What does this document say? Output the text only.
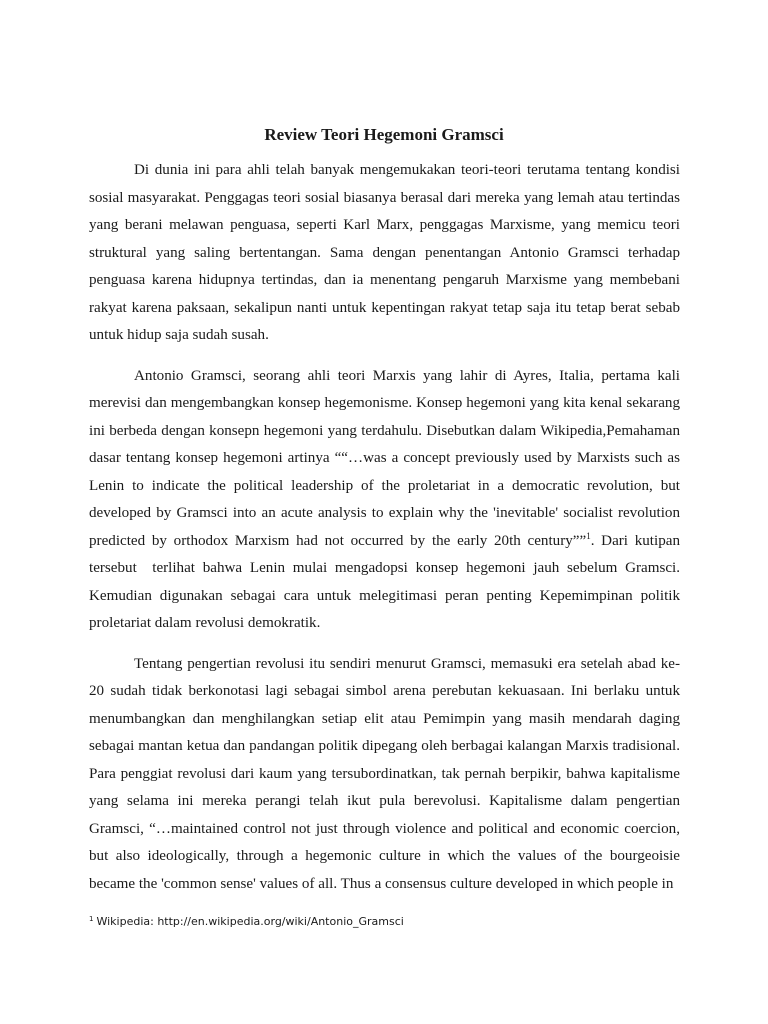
Review Teori Hegemoni Gramsci

Di dunia ini para ahli telah banyak mengemukakan teori-teori terutama tentang kondisi sosial masyarakat. Penggagas teori sosial biasanya berasal dari mereka yang lemah atau tertindas yang berani melawan penguasa, seperti Karl Marx, penggagas Marxisme, yang memicu teori struktural yang saling bertentangan. Sama dengan penentangan Antonio Gramsci terhadap penguasa karena hidupnya tertindas, dan ia menentang pengaruh Marxisme yang membebani rakyat karena paksaan, sekalipun nanti untuk kepentingan rakyat tetap saja itu tetap berat sebab untuk hidup saja sudah susah.

Antonio Gramsci, seorang ahli teori Marxis yang lahir di Ayres, Italia, pertama kali merevisi dan mengembangkan konsep hegemonisme. Konsep hegemoni yang kita kenal sekarang ini berbeda dengan konsepn hegemoni yang terdahulu. Disebutkan dalam Wikipedia,Pemahaman dasar tentang konsep hegemoni artinya ““…was a concept previously used by Marxists such as Lenin to indicate the political leadership of the proletariat in a democratic revolution, but developed by Gramsci into an acute analysis to explain why the 'inevitable' socialist revolution predicted by orthodox Marxism had not occurred by the early 20th century””$^1$. Dari kutipan tersebut  terlihat bahwa Lenin mulai mengadopsi konsep hegemoni jauh sebelum Gramsci. Kemudian digunakan sebagai cara untuk melegitimasi peran penting Kepemimpinan politik proletariat dalam revolusi demokratik.

Tentang pengertian revolusi itu sendiri menurut Gramsci, memasuki era setelah abad ke-20 sudah tidak berkonotasi lagi sebagai simbol arena perebutan kekuasaan. Ini berlaku untuk menumbangkan dan menghilangkan setiap elit atau Pemimpin yang masih mendarah daging sebagai mantan ketua dan pandangan politik dipegang oleh berbagai kalangan Marxis tradisional. Para penggiat revolusi dari kaum yang tersubordinatkan, tak pernah berpikir, bahwa kapitalisme yang selama ini mereka perangi telah ikut pula berevolusi. Kapitalisme dalam pengertian Gramsci, “…maintained control not just through violence and political and economic coercion, but also ideologically, through a hegemonic culture in which the values of the bourgeoisie became the 'common sense' values of all. Thus a consensus culture developed in which people in

$^1$ Wikipedia: http://en.wikipedia.org/wiki/Antonio_Gramsci
